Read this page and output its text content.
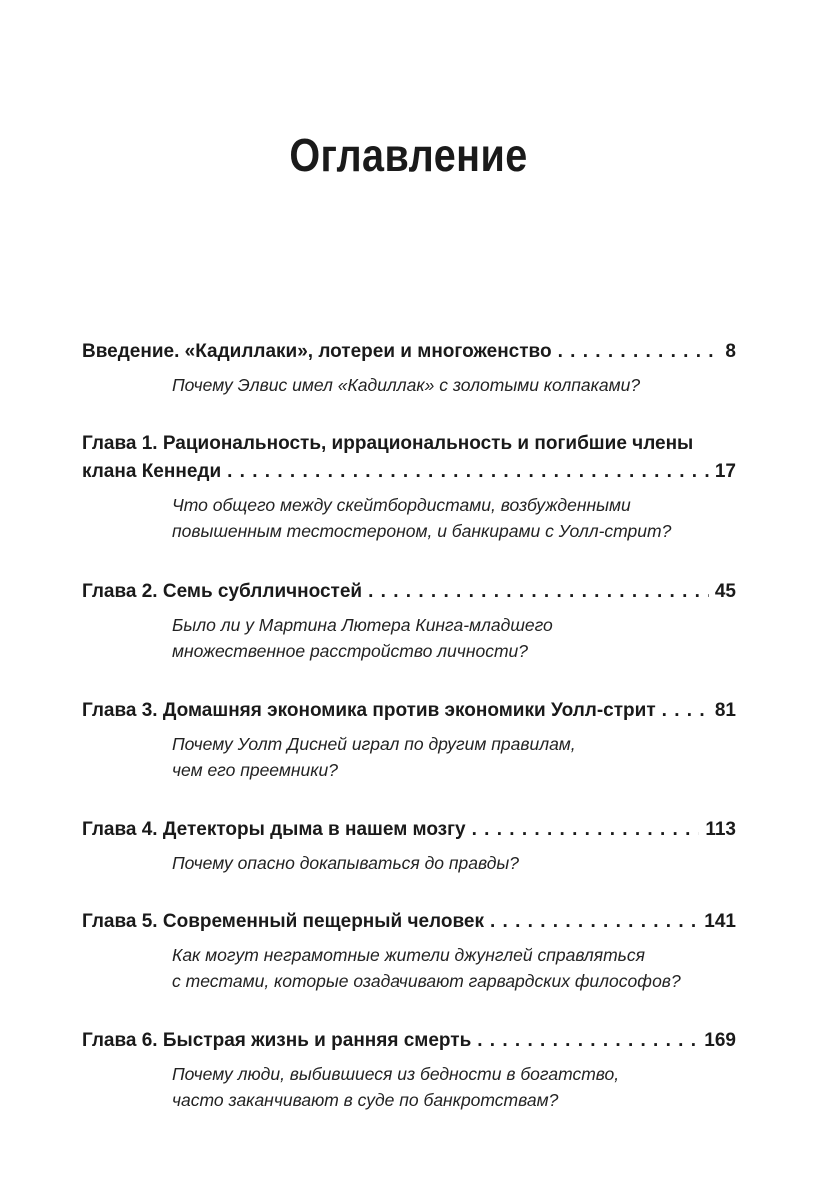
Оглавление
Введение. «Кадиллаки», лотереи и многоженство . . .	8
Почему Элвис имел «Кадиллак» с золотыми колпаками?
Глава 1. Рациональность, иррациональность и погибшие члены
клана Кеннеди . . .	17
Что общего между скейтбордистами, возбужденными
повышенным тестостероном, и банкирами с Уолл-стрит?
Глава 2. Семь сублличностей . . .	45
Было ли у Мартина Лютера Кинга-младшего
множественное расстройство личности?
Глава 3. Домашняя экономика против экономики Уолл-стрит . . .	81
Почему Уолт Дисней играл по другим правилам,
чем его преемники?
Глава 4. Детекторы дыма в нашем мозгу . . .	113
Почему опасно докапываться до правды?
Глава 5. Современный пещерный человек . . .	141
Как могут неграмотные жители джунглей справляться
с тестами, которые озадачивают гарвардских философов?
Глава 6. Быстрая жизнь и ранняя смерть . . .	169
Почему люди, выбившиеся из бедности в богатство,
часто заканчивают в суде по банкротствам?
